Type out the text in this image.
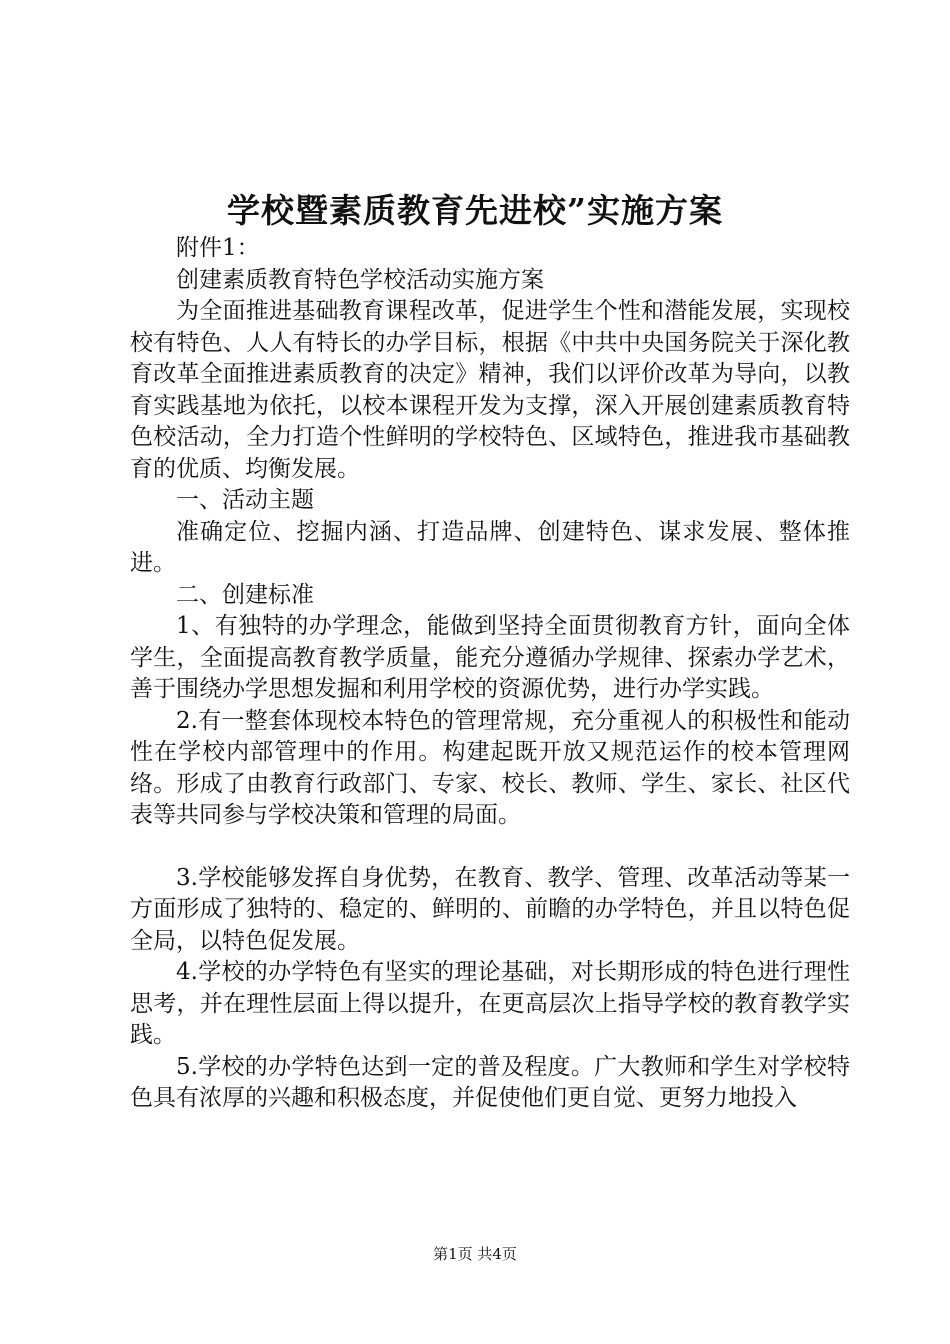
学校暨素质教育先进校”实施方案

附件1：

创建素质教育特色学校活动实施方案

为全面推进基础教育课程改革，促进学生个性和潜能发展，实现校校有特色、人人有特长的办学目标，根据《中共中央国务院关于深化教育改革全面推进素质教育的决定》精神，我们以评价改革为导向，以教育实践基地为依托，以校本课程开发为支撑，深入开展创建素质教育特色校活动，全力打造个性鲜明的学校特色、区域特色，推进我市基础教育的优质、均衡发展。

一、活动主题

准确定位、挖掘内涵、打造品牌、创建特色、谋求发展、整体推进。

二、创建标准

1、有独特的办学理念，能做到坚持全面贯彻教育方针，面向全体学生，全面提高教育教学质量，能充分遵循办学规律、探索办学艺术，善于围绕办学思想发掘和利用学校的资源优势，进行办学实践。

2.有一整套体现校本特色的管理常规，充分重视人的积极性和能动性在学校内部管理中的作用。构建起既开放又规范运作的校本管理网络。形成了由教育行政部门、专家、校长、教师、学生、家长、社区代表等共同参与学校决策和管理的局面。

3.学校能够发挥自身优势，在教育、教学、管理、改革活动等某一方面形成了独特的、稳定的、鲜明的、前瞻的办学特色，并且以特色促全局，以特色促发展。

4.学校的办学特色有坚实的理论基础，对长期形成的特色进行理性思考，并在理性层面上得以提升，在更高层次上指导学校的教育教学实践。

5.学校的办学特色达到一定的普及程度。广大教师和学生对学校特色具有浓厚的兴趣和积极态度，并促使他们更自觉、更努力地投入

第1页 共4页
